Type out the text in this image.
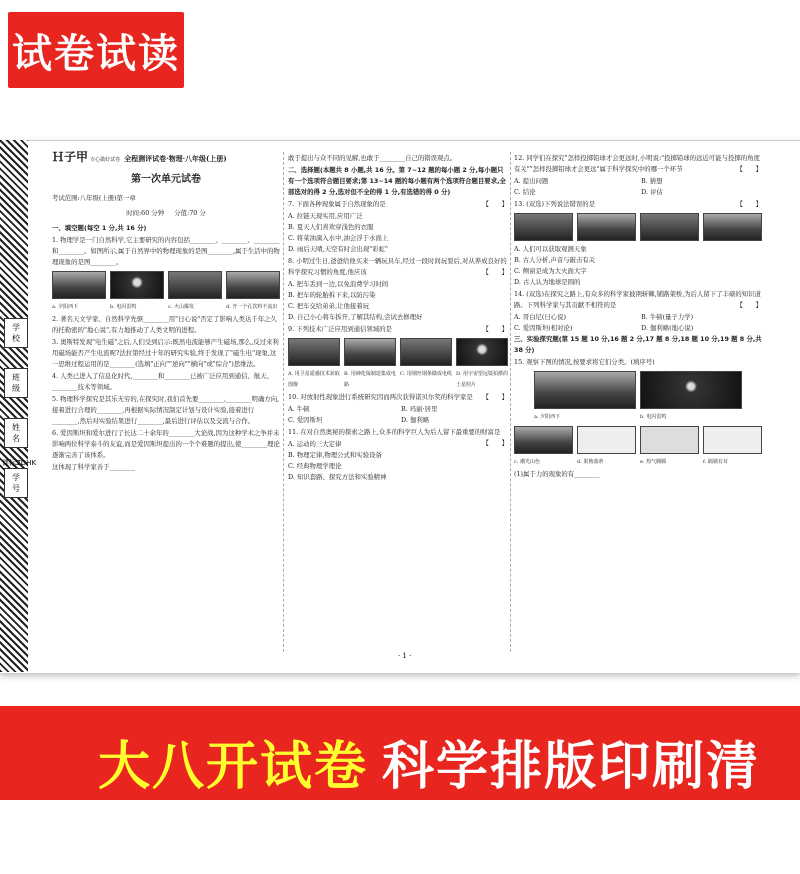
试卷试读
学　校
班　级
姓　名
学　号
课标ZDHK
Ｈ子甲 专心做好试卷 全程测评试卷·物理·八年级(上册)
第一次单元试卷
考试范围:八年级(上册)第一章
时间:60 分钟 分值:70 分
一、填空题(每空 1 分,共 16 分)
1. 物理学是一门自然科学,它主要研究的内容包括________、________、________和________。如图所示,属于自然界中的物理现象的是图________,属于生活中的物理现象的是图________。
a. 夕阳西下	b. 电闪雷鸣	c. 火山爆发	d. 开一个孔饮料不流出
2. 著名天文学家、自然科学先驱________用"日心说"否定了影响人类达千年之久的托勒密的"地心说",有力地推动了人类文明的进程。
3. 奥斯特发现"电生磁"之后,人们受到启示:既然电流能够产生磁场,那么,反过来利用磁场能否产生电流呢?法拉第经过十年的研究实验,终于发现了"磁生电"现象,这一思维过程运用的是________(选填"正向""逆向""横向"或"综合")思维法。
4. 人类已进入了信息化时代,________和________已被广泛应用到通信、航天、________技术等领域。
5. 物理科学探究是其乐无穷的,在探究时,我们首先要________,________明确方向,接着进行合理的________,再根据实际情况制定计划与设计实验,接着进行________,然后对实验结果进行________,最后进行评估以及交流与合作。
6. 爱因斯坦和爱尔进行了长达二十余年的________大论战,因为这种学术之争并未影响两位科学泰斗的友谊,而是爱因斯坦提出的一个个难题的提出,使________理论逐渐完善了该体系。
这体现了科学家善于________
敢于提出与众不同的见解,也敢于________自己的错误观点。
二、选择题(本题共 8 小题,共 16 分。第 7~12 题的每小题 2 分,每小题只有一个选项符合题目要求;第 13~14 题的每小题有两个选项符合题目要求,全部选对的得 2 分,选对但不全的得 1 分,有选错的得 0 分)
7. 下面各种现象属于自然现象的是	【　　】
A. 拉链天现实用,应用广泛
B. 夏天人们喜欢穿浅色的衣服
C. 将菜油滴入水中,油会浮于水面上
D. 雨后天晴,天空有时会出现"彩虹"
8. 小明过生日,爸爸给他买来一辆玩具车,经过一段时间玩耍后,对从养成良好的科学探究习惯的角度,他应该	【　　】
A. 把车丢到一边,以免浪费学习时间
B. 把车的轮胎拆下来,以防污染
C. 把车交给弟弟,让他接着玩
D. 自己小心将车拆开,了解其结构,尝试去修理好
9. 下列技术广泛应用到通信领域的是	【　　】
A. 用卫星遥感技术获取图像
B. 用砷化镓制造集成电路
C. 用钢丝钢条做成电缆 D. 用宇宙望远镜拍摄的土星照片
10. 对放射性现象进行系统研究因而两次获得诺贝尔奖的科学家是 【　　】
A. 牛顿	B. 玛丽·居里
C. 爱因斯坦	D. 伽利略
11. 在对自然奥秘的探索之路上,众多的科学巨人为后人留下最重要的财富是
【　　】
A. 运动的三大定律
B. 物理定律,物理公式和实验设备
C. 经典物理学理论
D. 知识套路、探究方法和实验精神
· 1 ·
12. 同学们在探究"怎样投掷铅球才会更远时,小明说:"投掷铅球的远近可能与投掷的角度有关""怎样投掷铅球才会更远"属于科学探究中的哪一个环节	【　　】
A. 提出问题	B. 猜想
C. 结论	D. 评估
13. (双选)下列说法错误的是	【　　】
A. 人们可以获取观测天象
B. 古人分析,声音与敲击有关
C. 侧窗是成为大火面大字
D. 古人认为地球是圆的
14. (双选)在探究之路上,有众多的科学家披荆斩棘,铺路架桥,为后人留下了丰硕的知识道路。下列科学家与其贡献不相符的是	【　　】
A. 哥白尼(日心说)	B. 牛顿(量子力学)
C. 爱因斯坦(相对论)	D. 伽利略(地心说)
三、实验探究题(第 15 题 10 分,16 题 2 分,17 题 8 分,18 题 10 分,19 题 8 分,共 38 分)
15. 观察下图的情况,按要求将它们分类。(填序号)
a. 夕阳西下	b. 电闪雷鸣
c. 潮光山色	d. 果熟落蒂	e. 热气腾腾	f. 隔墙有耳
(1)属于力的现象的有________
大八开试卷 科学排版印刷清晰
